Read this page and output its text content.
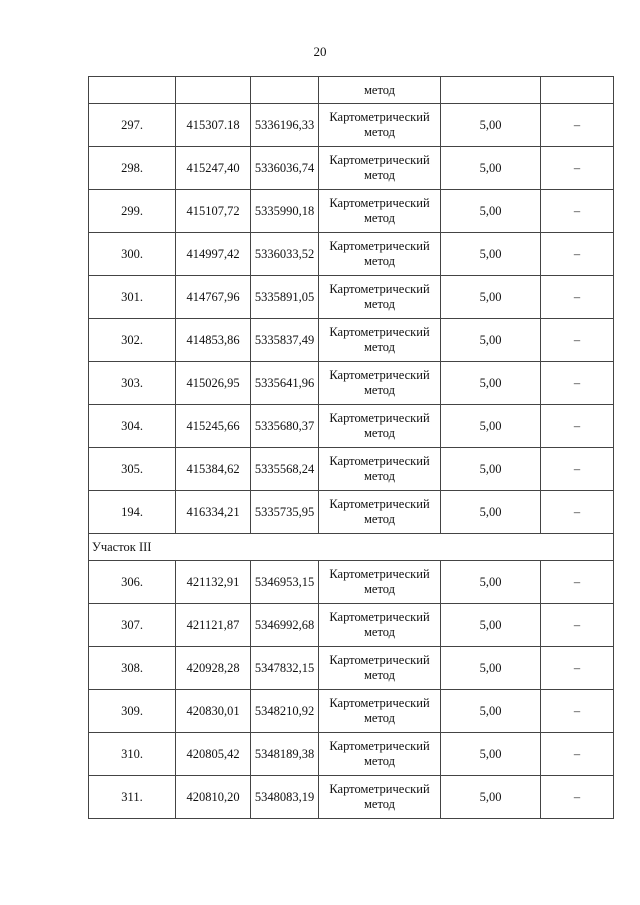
20
			метод		
297.	415307.18	5336196,33	Картометрический
метод	5,00	–
298.	415247,40	5336036,74	Картометрический
метод	5,00	–
299.	415107,72	5335990,18	Картометрический
метод	5,00	–
300.	414997,42	5336033,52	Картометрический
метод	5,00	–
301.	414767,96	5335891,05	Картометрический
метод	5,00	–
302.	414853,86	5335837,49	Картометрический
метод	5,00	–
303.	415026,95	5335641,96	Картометрический
метод	5,00	–
304.	415245,66	5335680,37	Картометрический
метод	5,00	–
305.	415384,62	5335568,24	Картометрический
метод	5,00	–
194.	416334,21	5335735,95	Картометрический
метод	5,00	–
Участок III					
306.	421132,91	5346953,15	Картометрический
метод	5,00	–
307.	421121,87	5346992,68	Картометрический
метод	5,00	–
308.	420928,28	5347832,15	Картометрический
метод	5,00	–
309.	420830,01	5348210,92	Картометрический
метод	5,00	–
310.	420805,42	5348189,38	Картометрический
метод	5,00	–
311.	420810,20	5348083,19	Картометрический
метод	5,00	–
